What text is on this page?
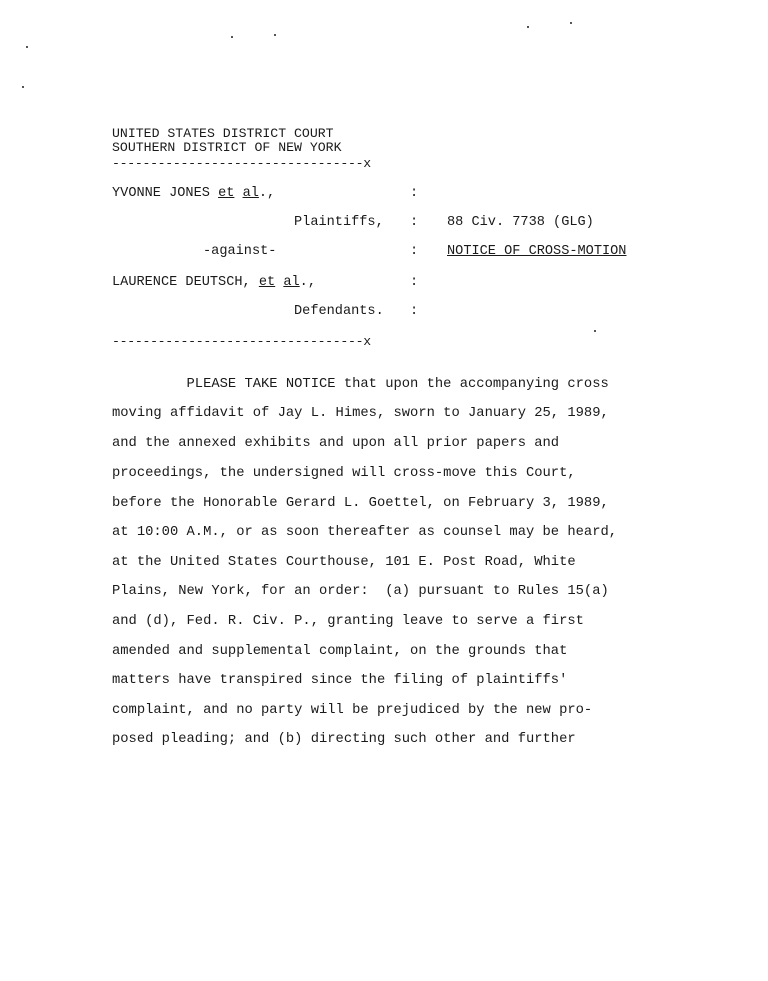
UNITED STATES DISTRICT COURT
SOUTHERN DISTRICT OF NEW YORK
---------------------------------x
YVONNE JONES et al.,	:
Plaintiffs, : 88 Civ. 7738 (GLG)
-against-	: NOTICE OF CROSS-MOTION
LAURENCE DEUTSCH, et al.,	:
Defendants. :
---------------------------------x
PLEASE TAKE NOTICE that upon the accompanying cross
moving affidavit of Jay L. Himes, sworn to January 25, 1989,
and the annexed exhibits and upon all prior papers and
proceedings, the undersigned will cross-move this Court,
before the Honorable Gerard L. Goettel, on February 3, 1989,
at 10:00 A.M., or as soon thereafter as counsel may be heard,
at the United States Courthouse, 101 E. Post Road, White
Plains, New York, for an order:  (a) pursuant to Rules 15(a)
and (d), Fed. R. Civ. P., granting leave to serve a first
amended and supplemental complaint, on the grounds that
matters have transpired since the filing of plaintiffs'
complaint, and no party will be prejudiced by the new pro-
posed pleading; and (b) directing such other and further
